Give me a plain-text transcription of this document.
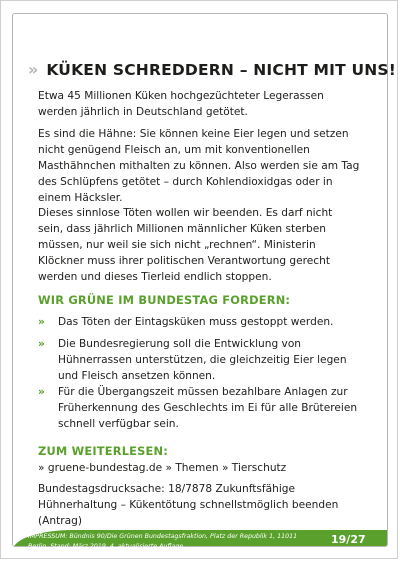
» KÜKEN SCHREDDERN – NICHT MIT UNS!

Etwa 45 Millionen Küken hochgezüchteter Legerassen werden jährlich in Deutschland getötet.

Es sind die Hähne: Sie können keine Eier legen und setzen nicht genügend Fleisch an, um mit konventionellen Masthähnchen mithalten zu können. Also werden sie am Tag des Schlüpfens getötet – durch Kohlendioxidgas oder in einem Häcksler.

Dieses sinnlose Töten wollen wir beenden. Es darf nicht sein, dass jährlich Millionen männlicher Küken sterben müssen, nur weil sie sich nicht „rechnen“. Ministerin Klöckner muss ihrer politischen Verantwortung gerecht werden und dieses Tierleid endlich stoppen.

WIR GRÜNE IM BUNDESTAG FORDERN:
»	Das Töten der Eintagsküken muss gestoppt werden.
»	Die Bundesregierung soll die Entwicklung von Hühnerrassen unterstützen, die gleichzeitig Eier legen und Fleisch ansetzen können.
»	Für die Übergangszeit müssen bezahlbare Anlagen zur Früherkennung des Geschlechts im Ei für alle Brütereien schnell verfügbar sein.
ZUM WEITERLESEN:

» gruene-bundestag.de » Themen » Tierschutz

Bundestagsdrucksache: 18/7878 Zukunftsfähige Hühnerhaltung – Kükentötung schnellstmöglich beenden (Antrag)

IMPRESSUM: Bündnis 90/Die Grünen Bundestagsfraktion, Platz der Republik 1, 11011 Berlin, Stand: März 2019, 4. aktualisierte Auflage	19/27
